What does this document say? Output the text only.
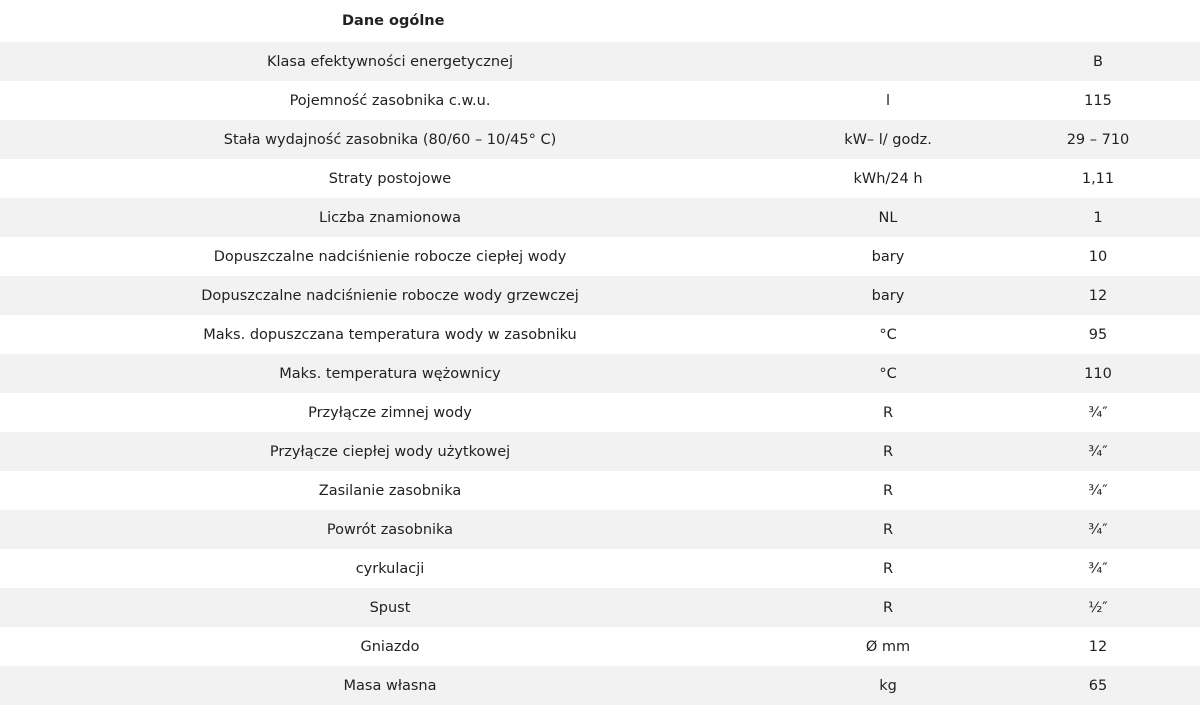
Dane ogólne		
Klasa efektywności energetycznej		B
Pojemność zasobnika c.w.u.	l	115
Stała wydajność zasobnika (80/60 – 10/45° C)	kW– l/ godz.	29 – 710
Straty postojowe	kWh/24 h	1,11
Liczba znamionowa	NL	1
Dopuszczalne nadciśnienie robocze ciepłej wody	bary	10
Dopuszczalne nadciśnienie robocze wody grzewczej	bary	12
Maks. dopuszczana temperatura wody w zasobniku	°C	95
Maks. temperatura wężownicy	°C	110
Przyłącze zimnej wody	R	¾″
Przyłącze ciepłej wody użytkowej	R	¾″
Zasilanie zasobnika	R	¾″
Powrót zasobnika	R	¾″
cyrkulacji	R	¾″
Spust	R	½″
Gniazdo	Ø mm	12
Masa własna	kg	65
